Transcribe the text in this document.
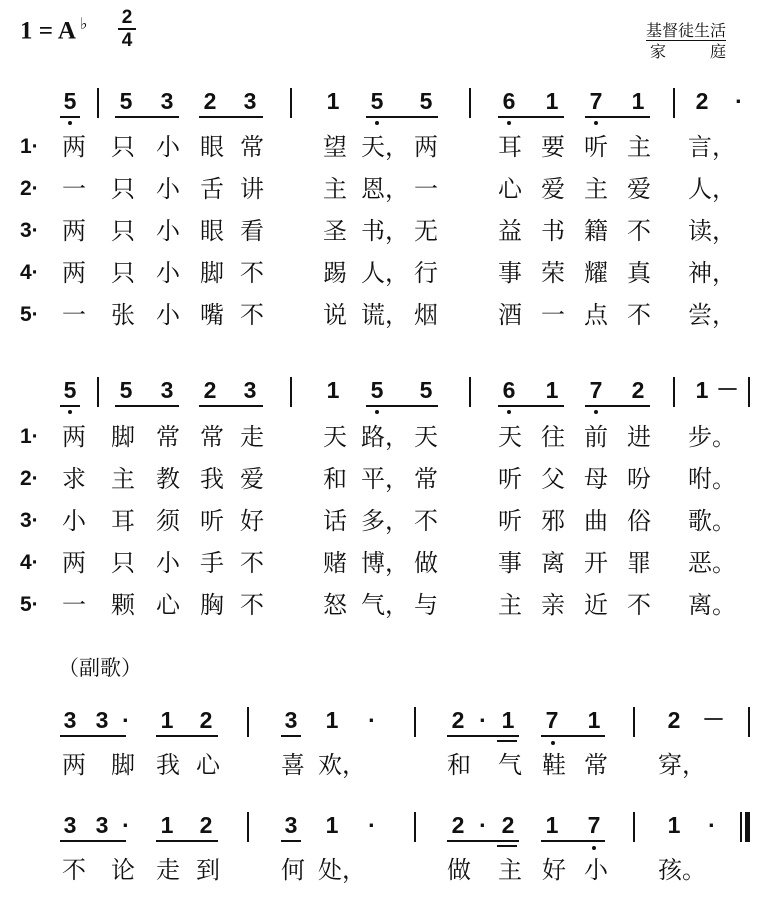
1 = A ♭ 2
4	基督徒生活
家庭
5 5 3 2 3	1 5 5	6 1 7 1 2	·
1· 两 只 小 眼 常 望 天， 两	耳 要 听 主 言，
2· 一 只 小 舌 讲 主 恩， 一	心 爱 主 爱 人，
3· 两 只 小 眼 看 圣 书， 无	益 书 籍 不 读，
4· 两 只 小 脚 不 踢 人， 行	事 荣 耀 真 神，
5· 一 张 小 嘴 不 说 谎， 烟	酒 一 点 不 尝，
5 5 3 2 3	1 5 5	6 1 7 2 1 －
1· 两 脚 常 常 走 天 路， 天	天 往 前 进 步。
2· 求 主 教 我 爱 和 平， 常	听 父 母 吩 咐。
3· 小 耳 须 听 好 话 多， 不	听 邪 曲 俗 歌。
4· 两 只 小 手 不 赌 博， 做	事 离 开 罪 恶。
5· 一 颗 心 胸 不 怒 气， 与	主 亲 近 不 离。
（副歌）
3 3 ·	1 2	3 1	·	2 · 1 7 1	2 －
两 脚 我 心	喜 欢，	和 气 鞋 常 穿，
3 3 ·	1 2	3 1	·	2 · 2 1 7	1	·
不 论 走 到	何 处，	做 主 好 小 孩。
